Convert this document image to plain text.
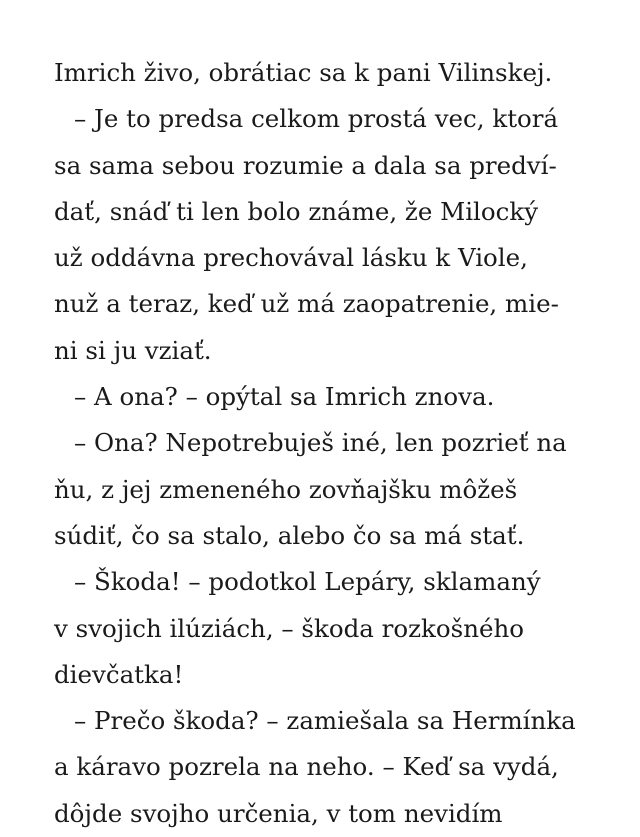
Imrich živo, obrátiac sa k pani Vilinskej.
– Je to predsa celkom prostá vec, ktorá
sa sama sebou rozumie a dala sa predví-
dať, snáď ti len bolo známe, že Milocký
už oddávna prechovával lásku k Viole,
nuž a teraz, keď už má zaopatrenie, mie-
ni si ju vziať.
– A ona? – opýtal sa Imrich znova.
– Ona? Nepotrebuješ iné, len pozrieť na
ňu, z jej zmeneného zovňajšku môžeš
súdiť, čo sa stalo, alebo čo sa má stať.
– Škoda! – podotkol Lepáry, sklamaný
v svojich ilúziách, – škoda rozkošného
dievčatka!
– Prečo škoda? – zamiešala sa Hermínka
a káravo pozrela na neho. – Keď sa vydá,
dôjde svojho určenia, v tom nevidím
